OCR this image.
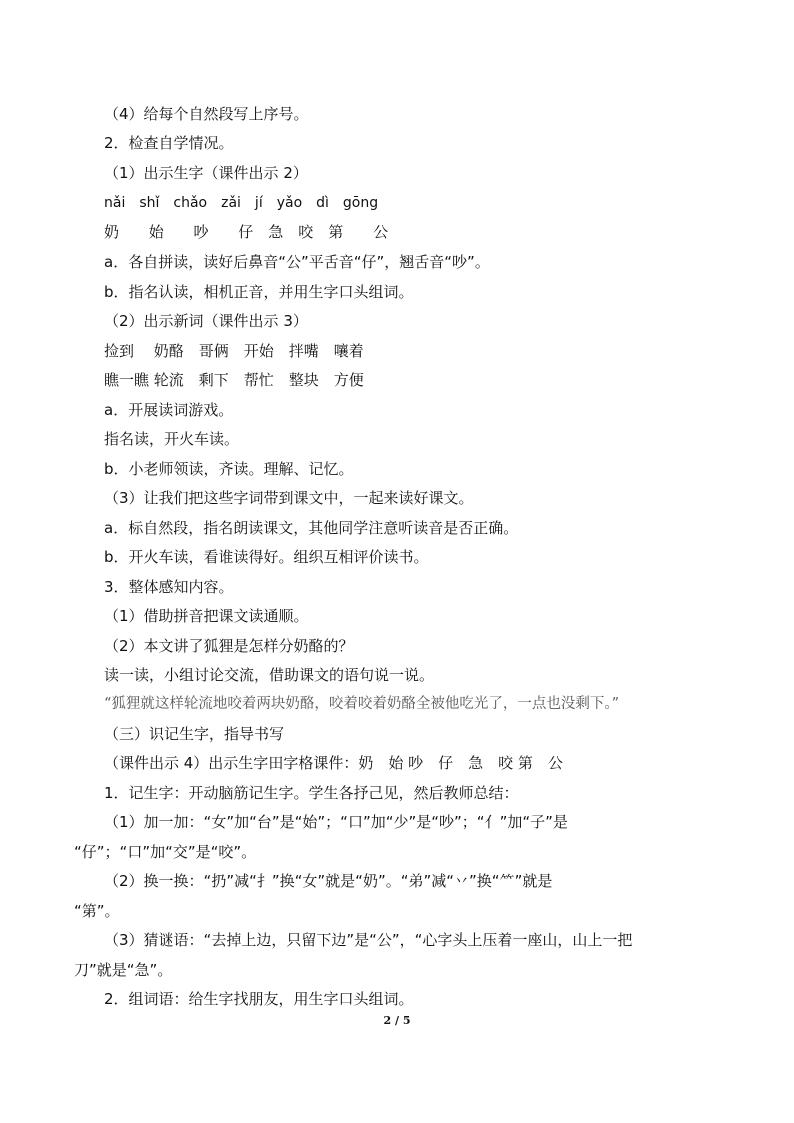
（4）给每个自然段写上序号。
2．检查自学情况。
（1）出示生字（课件出示 2）
nǎi　shǐ　chǎo　zǎi　jí　yǎo　dì　gōng
奶　 始　 吵　 仔　急　咬　第　 公
a．各自拼读，读好后鼻音“公”平舌音“仔”，翘舌音“吵”。
b．指名认读，相机正音，并用生字口头组词。
（2）出示新词（课件出示 3）
捡到　 奶酪　哥俩　开始　拌嘴　嚷着
瞧一瞧 轮流　剩下　帮忙　整块　方便
a．开展读词游戏。
指名读，开火车读。
b．小老师领读，齐读。理解、记忆。
（3）让我们把这些字词带到课文中，一起来读好课文。
a．标自然段，指名朗读课文，其他同学注意听读音是否正确。
b．开火车读，看谁读得好。组织互相评价读书。
3．整体感知内容。
（1）借助拼音把课文读通顺。
（2）本文讲了狐狸是怎样分奶酪的？
读一读，小组讨论交流，借助课文的语句说一说。
“狐狸就这样轮流地咬着两块奶酪，咬着咬着奶酪全被他吃光了，一点也没剩下。”
（三）识记生字，指导书写
（课件出示 4）出示生字田字格课件：奶　始 吵　仔　急　咬 第　公
1．记生字：开动脑筋记生字。学生各抒己见，然后教师总结：
（1）加一加：“女”加“台”是“始”；“口”加“少”是“吵”；“亻”加“子”是
“仔”；“口”加“交”是“咬”。
（2）换一换：“扔”减“扌”换“女”就是“奶”。“弟”减“丷”换“⺮”就是
“第”。
（3）猜谜语：“去掉上边，只留下边”是“公”，“心字头上压着一座山，山上一把
刀”就是“急”。
2．组词语：给生字找朋友，用生字口头组词。
2 / 5
